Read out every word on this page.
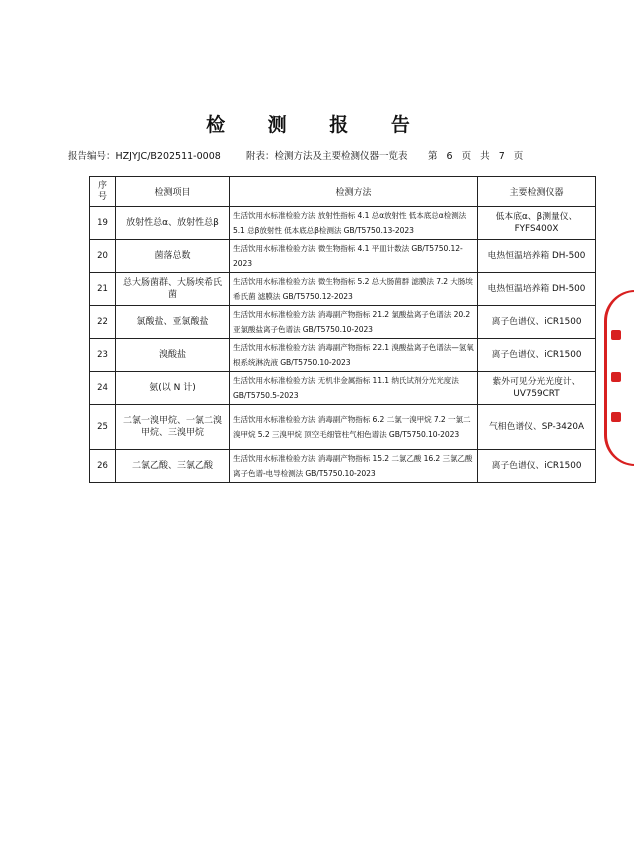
检 测 报 告
报告编号：HZJYJC/B202511-0008	附表：检测方法及主要检测仪器一览表 第 6 页 共 7 页
序
号	检测项目	检测方法	主要检测仪器
19	放射性总α、放射性总β	生活饮用水标准检验方法 放射性指标 4.1 总α放射性 低本底总α检测法 5.1 总β放射性 低本底总β检测法 GB/T5750.13-2023	低本底α、β测量仪、FYFS400X
20	菌落总数	生活饮用水标准检验方法 微生物指标 4.1 平皿计数法 GB/T5750.12-2023	电热恒温培养箱 DH-500
21	总大肠菌群、大肠埃希氏菌	生活饮用水标准检验方法 微生物指标 5.2 总大肠菌群 滤膜法 7.2 大肠埃希氏菌 滤膜法 GB/T5750.12-2023	电热恒温培养箱 DH-500
22	氯酸盐、亚氯酸盐	生活饮用水标准检验方法 消毒副产物指标 21.2 氯酸盐离子色谱法 20.2 亚氯酸盐离子色谱法 GB/T5750.10-2023	离子色谱仪、iCR1500
23	溴酸盐	生活饮用水标准检验方法 消毒副产物指标 22.1 溴酸盐离子色谱法—氢氧根系统淋洗液 GB/T5750.10-2023	离子色谱仪、iCR1500
24	氨(以 N 计)	生活饮用水标准检验方法 无机非金属指标 11.1 纳氏试剂分光光度法 GB/T5750.5-2023	紫外可见分光光度计、UV759CRT
25	二氯一溴甲烷、一氯二溴甲烷、三溴甲烷	生活饮用水标准检验方法 消毒副产物指标 6.2 二氯一溴甲烷 7.2 一氯二溴甲烷 5.2 三溴甲烷 顶空毛细管柱气相色谱法 GB/T5750.10-2023	气相色谱仪、SP-3420A
26	二氯乙酸、三氯乙酸	生活饮用水标准检验方法 消毒副产物指标 15.2 二氯乙酸 16.2 三氯乙酸 离子色谱-电导检测法 GB/T5750.10-2023	离子色谱仪、iCR1500
